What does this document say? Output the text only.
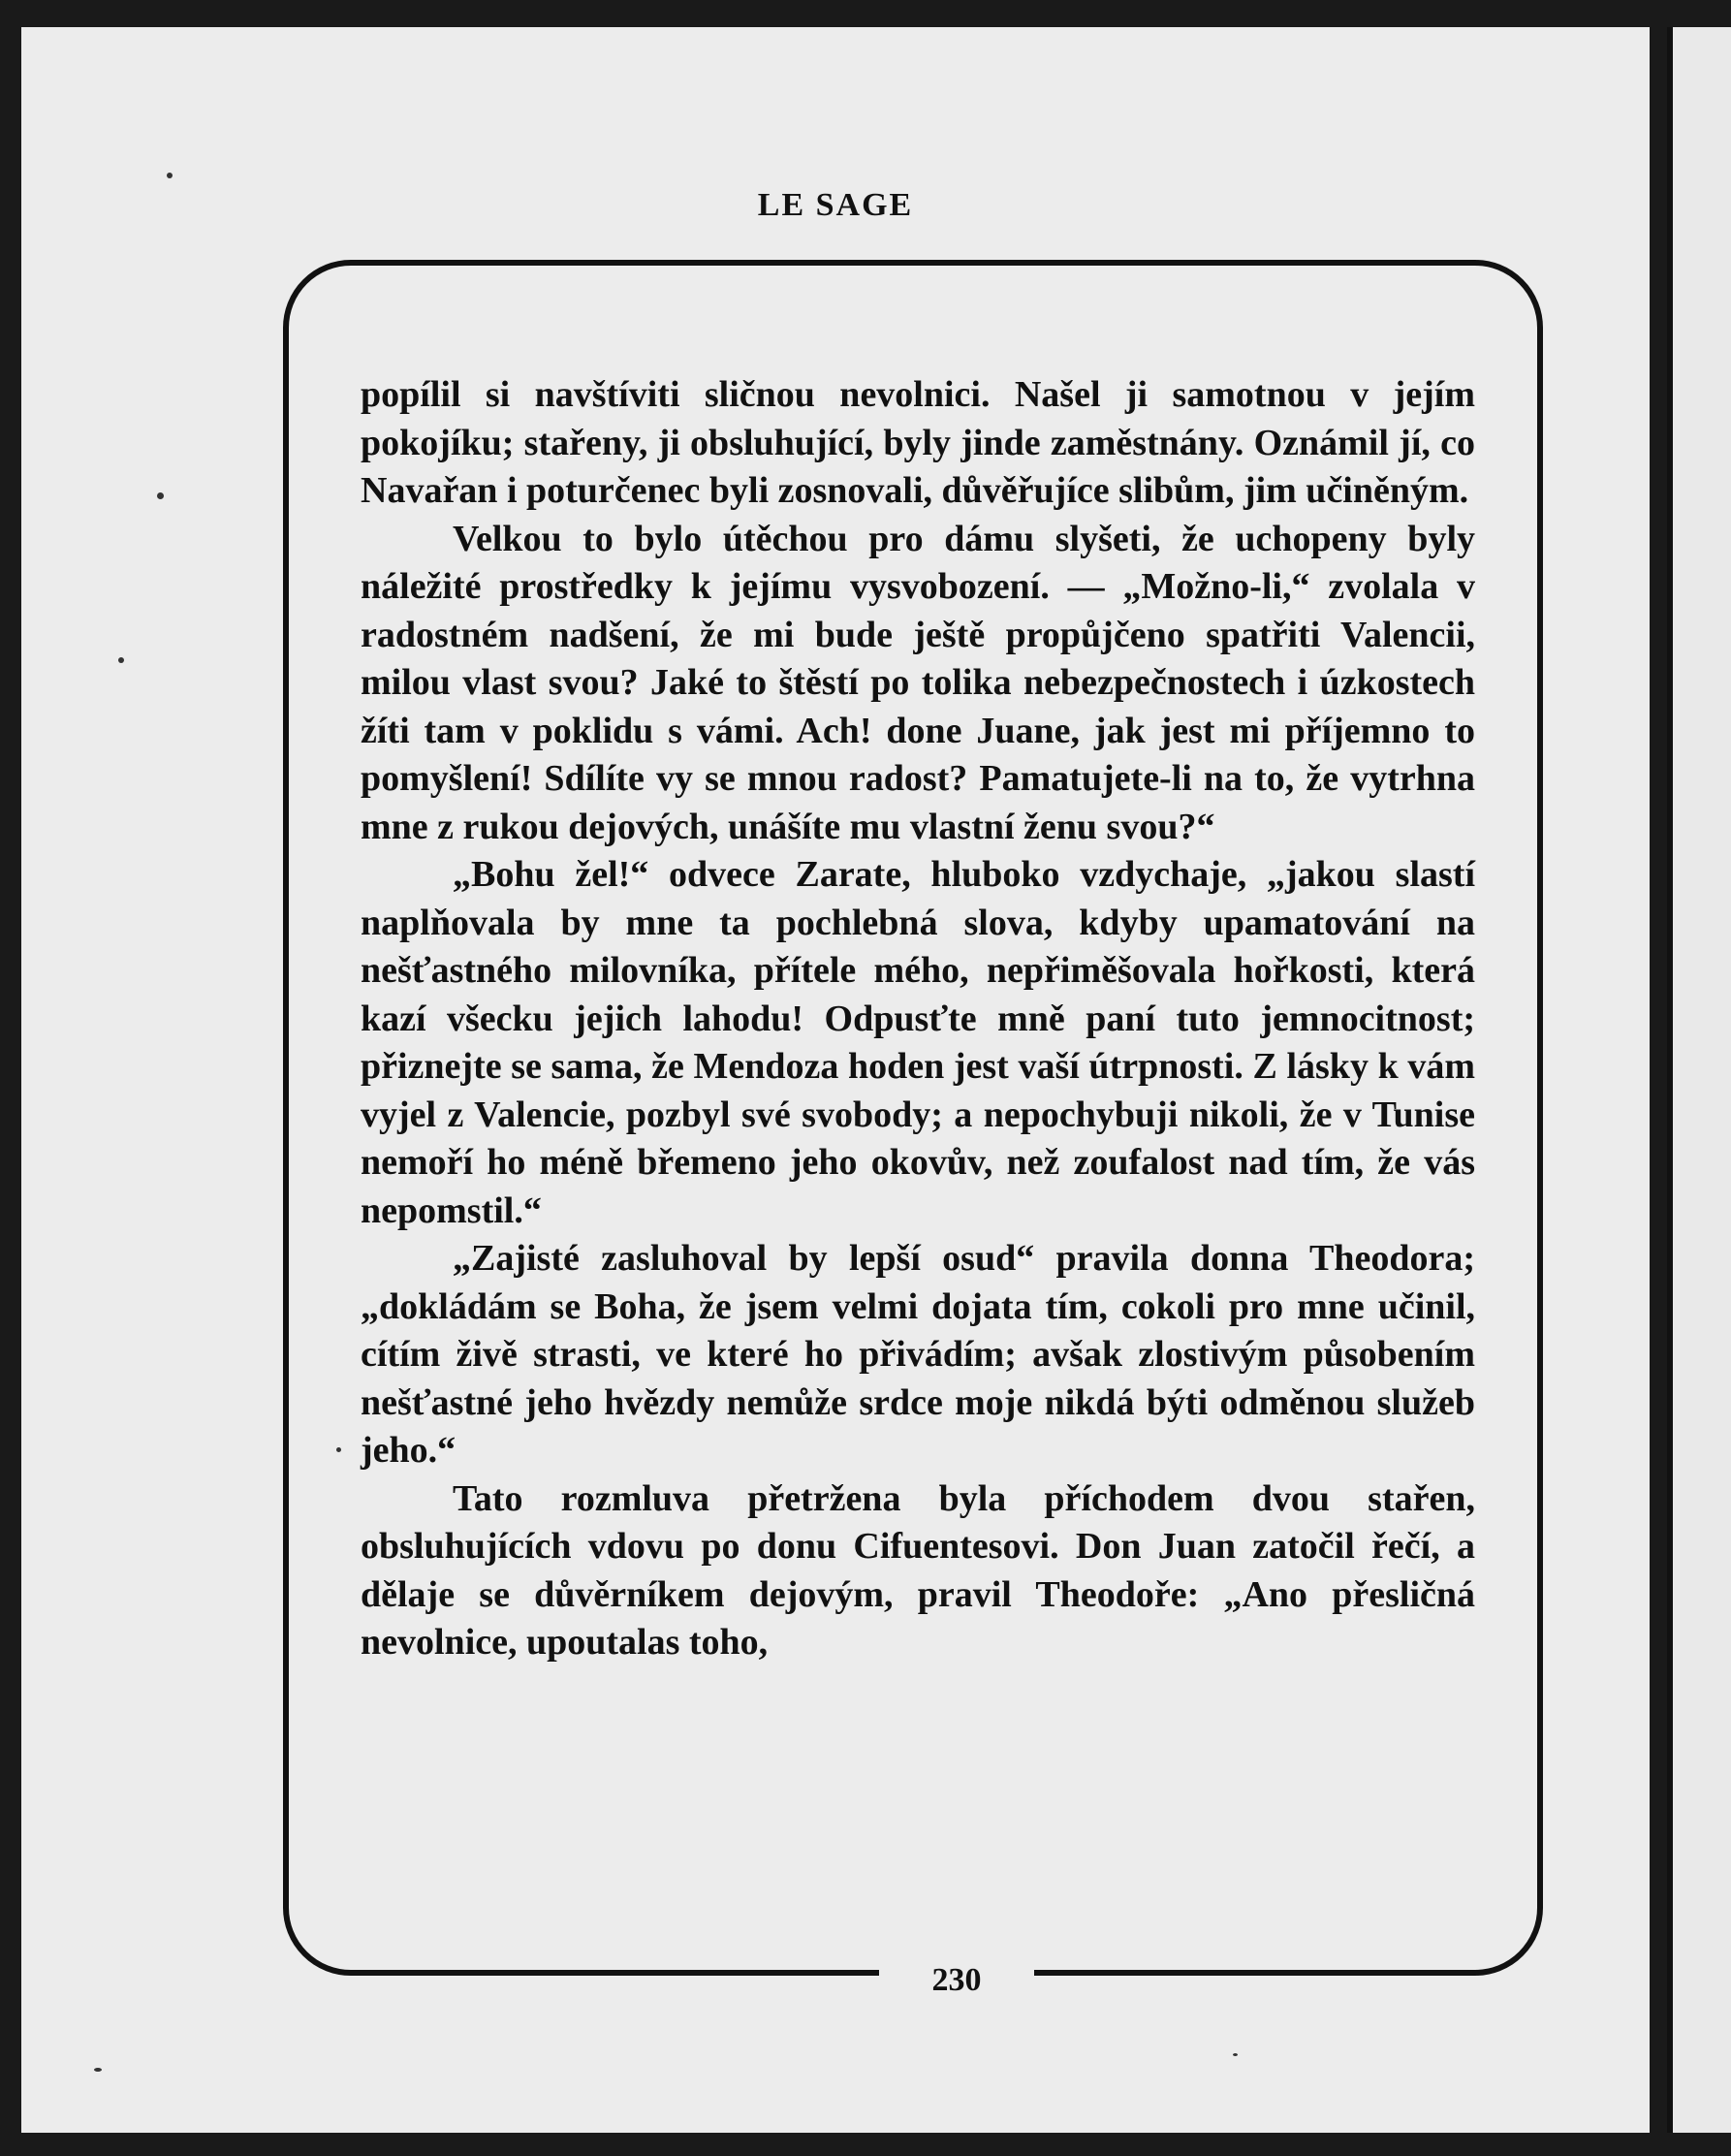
LE SAGE
230

popílil si navštíviti sličnou nevolnici. Našel ji samotnou v jejím pokojíku; stařeny, ji obsluhující, byly jinde zaměstnány. Oznámil jí, co Navařan i poturčenec byli zosnovali, důvěřujíce slibům, jim učiněným.

Velkou to bylo útěchou pro dámu slyšeti, že uchopeny byly náležité prostředky k jejímu vysvobození. — „Možno-li,“ zvolala v radostném nadšení, že mi bude ještě propůjčeno spatřiti Valencii, milou vlast svou? Jaké to štěstí po tolika nebezpečnostech i úzkostech žíti tam v poklidu s vámi. Ach! done Juane, jak jest mi příjemno to pomyšlení! Sdílíte vy se mnou radost? Pamatujete-li na to, že vytrhna mne z rukou dejových, unášíte mu vlastní ženu svou?“

„Bohu žel!“ odvece Zarate, hluboko vzdychaje, „jakou slastí naplňovala by mne ta pochlebná slova, kdyby upamatování na nešťastného milovníka, přítele mého, nepřiměšovala hořkosti, která kazí všecku jejich lahodu! Odpusťte mně paní tuto jemnocitnost; přiznejte se sama, že Mendoza hoden jest vaší útrpnosti. Z lásky k vám vyjel z Valencie, pozbyl své svobody; a nepochybuji nikoli, že v Tunise nemoří ho méně břemeno jeho okovův, než zoufalost nad tím, že vás nepomstil.“

„Zajisté zasluhoval by lepší osud“ pravila donna Theodora; „dokládám se Boha, že jsem velmi dojata tím, cokoli pro mne učinil, cítím živě strasti, ve které ho přivádím; avšak zlostivým působením nešťastné jeho hvězdy nemůže srdce moje nikdá býti odměnou služeb jeho.“

Tato rozmluva přetržena byla příchodem dvou stařen, obsluhujících vdovu po donu Cifuentesovi. Don Juan zatočil řečí, a dělaje se důvěrníkem dejovým, pravil Theodoře: „Ano přesličná nevolnice, upoutalas toho,
